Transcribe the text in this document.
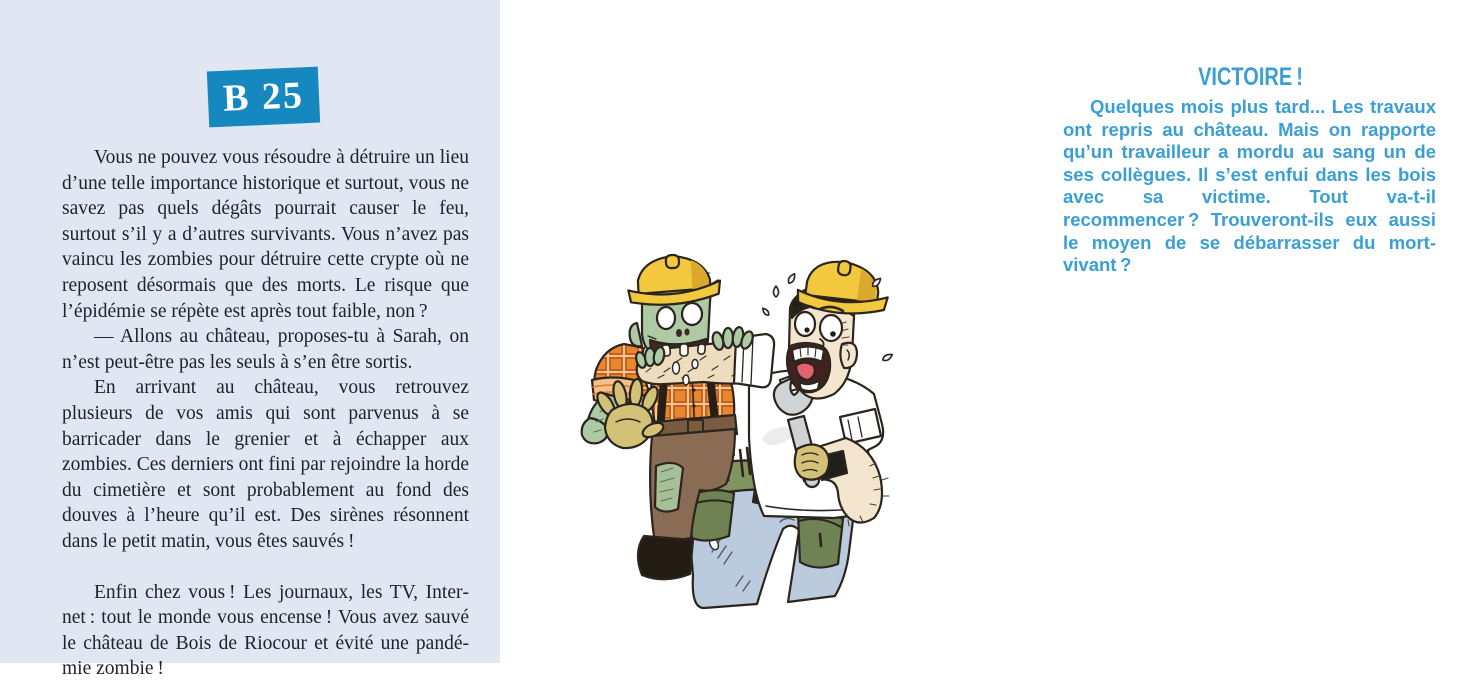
B 25

Vous ne pouvez vous résoudre à détruire un lieu d’une telle importance historique et surtout, vous ne savez pas quels dégâts pourrait causer le feu, surtout s’il y a d’autres survivants. Vous n’avez pas vaincu les zombies pour détruire cette crypte où ne reposent désormais que des morts. Le risque que l’épidémie se répète est après tout faible, non ?

— Allons au château, proposes-tu à Sarah, on n’est peut-être pas les seuls à s’en être sortis.

En arrivant au château, vous retrouvez plusieurs de vos amis qui sont parvenus à se barricader dans le grenier et à échapper aux zombies. Ces derniers ont fini par rejoindre la horde du cimetière et sont probablement au fond des douves à l’heure qu’il est. Des sirènes résonnent dans le petit matin, vous êtes sauvés !

Enfin chez vous ! Les journaux, les TV, Internet : tout le monde vous encense ! Vous avez sauvé le château de Bois de Riocour et évité une pandémie zombie !

VICTOIRE !

Quelques mois plus tard... Les travaux ont repris au château. Mais on rapporte qu’un travailleur a mordu au sang un de ses collègues. Il s’est enfui dans les bois avec sa victime. Tout va-t-il recommencer ? Trouveront-ils eux aussi le moyen de se débarrasser du mort-vivant ?
